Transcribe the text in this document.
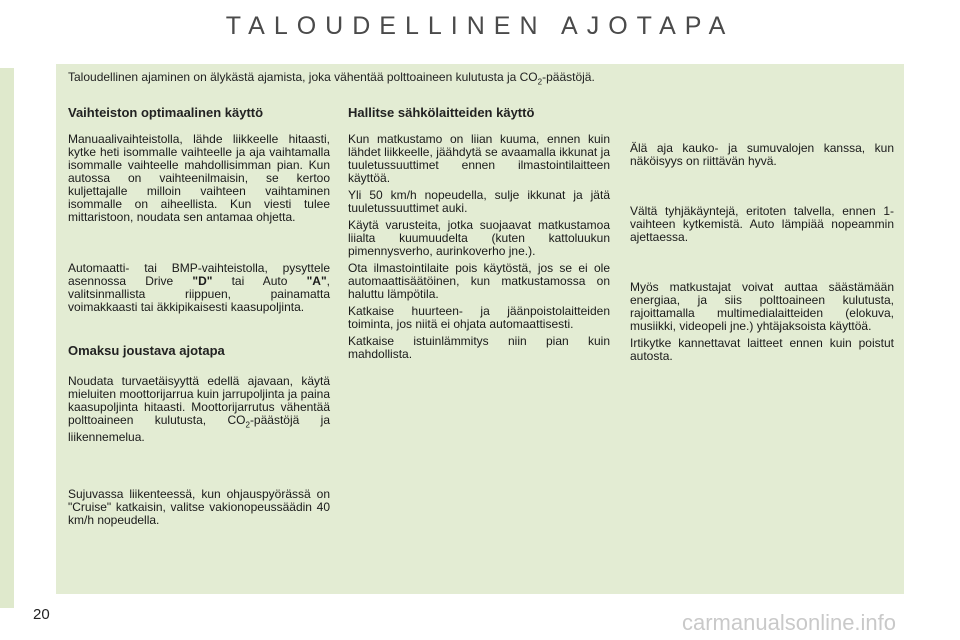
TALOUDELLINEN AJOTAPA
Taloudellinen ajaminen on älykästä ajamista, joka vähentää polttoaineen kulutusta ja $CO_2$-päästöjä.

Vaihteiston optimaalinen käyttö

Manuaalivaihteistolla, lähde liikkeelle hitaasti, kytke heti isommalle vaihteelle ja aja vaihtamalla isommalle vaihteelle mahdollisimman pian. Kun autossa on vaihteenilmaisin, se kertoo kuljettajalle milloin vaihteen vaihtaminen isommalle on aiheellista. Kun viesti tulee mittaristoon, noudata sen antamaa ohjetta.

Automaatti- tai BMP-vaihteistolla, pysyttele asennossa Drive "D" tai Auto "A", valitsinmallista riippuen, painamatta voimakkaasti tai äkkipikaisesti kaasupoljinta.

Omaksu joustava ajotapa

Noudata turvaetäisyyttä edellä ajavaan, käytä mieluiten moottorijarrua kuin jarrupoljinta ja paina kaasupoljinta hitaasti. Moottorijarrutus vähentää polttoaineen kulutusta, $CO_2$-päästöjä ja liikennemelua.

Sujuvassa liikenteessä, kun ohjauspyörässä on "Cruise" katkaisin, valitse vakionopeussäädin 40 km/h nopeudella.

Hallitse sähkölaitteiden käyttö

Kun matkustamo on liian kuuma, ennen kuin lähdet liikkeelle, jäähdytä se avaamalla ikkunat ja tuuletussuuttimet ennen ilmastointilaitteen käyttöä.

Yli 50 km/h nopeudella, sulje ikkunat ja jätä tuuletussuuttimet auki.

Käytä varusteita, jotka suojaavat matkustamoa liialta kuumuudelta (kuten kattoluukun pimennysverho, aurinkoverho jne.).

Ota ilmastointilaite pois käytöstä, jos se ei ole automaattisäätöinen, kun matkustamossa on haluttu lämpötila.

Katkaise huurteen- ja jäänpoistolaitteiden toiminta, jos niitä ei ohjata automaattisesti.

Katkaise istuinlämmitys niin pian kuin mahdollista.

Älä aja kauko- ja sumuvalojen kanssa, kun näköisyys on riittävän hyvä.

Vältä tyhjäkäyntejä, eritoten talvella, ennen 1-vaihteen kytkemistä. Auto lämpiää nopeammin ajettaessa.

Myös matkustajat voivat auttaa säästämään energiaa, ja siis polttoaineen kulutusta, rajoittamalla multimedialaitteiden (elokuva, musiikki, videopeli jne.) yhtäjaksoista käyttöä.

Irtikytke kannettavat laitteet ennen kuin poistut autosta.

20	carmanualsonline.info
